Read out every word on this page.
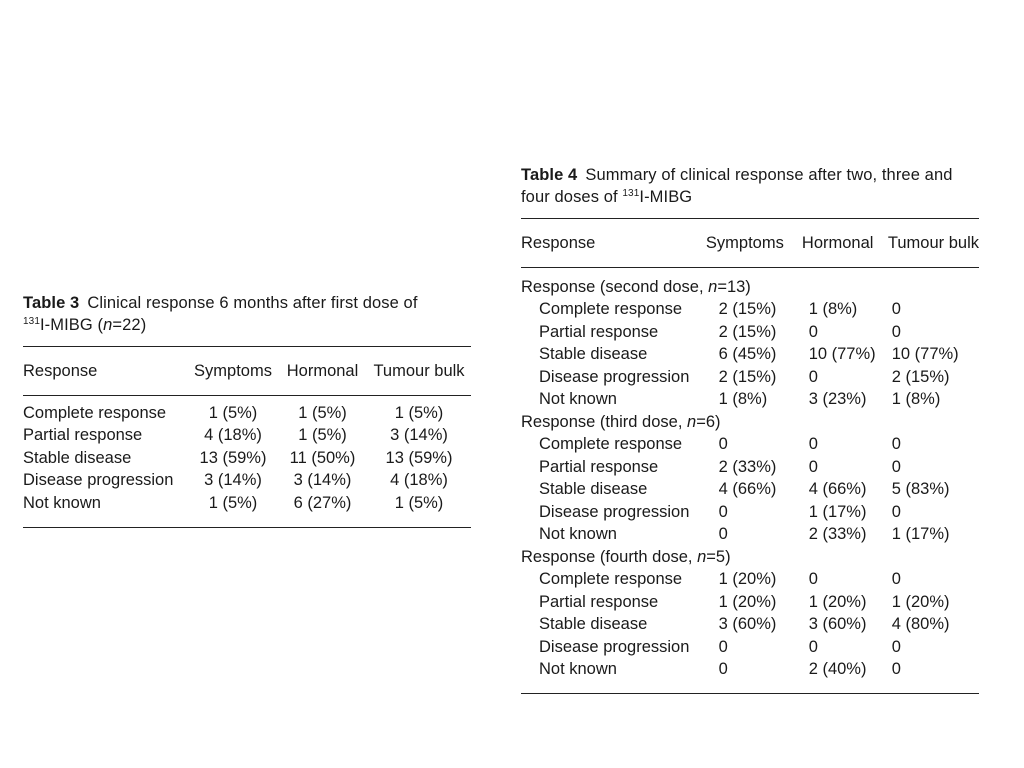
Table 3 Clinical response 6 months after first dose of
$^{131}$I-MIBG (n=22)
Response	Symptoms	Hormonal	Tumour bulk
Complete response	1 (5%)	1 (5%)	1 (5%)
Partial response	4 (18%)	1 (5%)	3 (14%)
Stable disease	13 (59%)	11 (50%)	13 (59%)
Disease progression	3 (14%)	3 (14%)	4 (18%)
Not known	1 (5%)	6 (27%)	1 (5%)
Table 4 Summary of clinical response after two, three and four doses of $^{131}$I-MIBG
Response	Symptoms	Hormonal	Tumour bulk
Response (second dose, n=13)			
Complete response	2 (15%)	1 (8%)	0
Partial response	2 (15%)	0	0
Stable disease	6 (45%)	10 (77%)	10 (77%)
Disease progression	2 (15%)	0	2 (15%)
Not known	1 (8%)	3 (23%)	1 (8%)
Response (third dose, n=6)			
Complete response	0	0	0
Partial response	2 (33%)	0	0
Stable disease	4 (66%)	4 (66%)	5 (83%)
Disease progression	0	1 (17%)	0
Not known	0	2 (33%)	1 (17%)
Response (fourth dose, n=5)			
Complete response	1 (20%)	0	0
Partial response	1 (20%)	1 (20%)	1 (20%)
Stable disease	3 (60%)	3 (60%)	4 (80%)
Disease progression	0	0	0
Not known	0	2 (40%)	0
